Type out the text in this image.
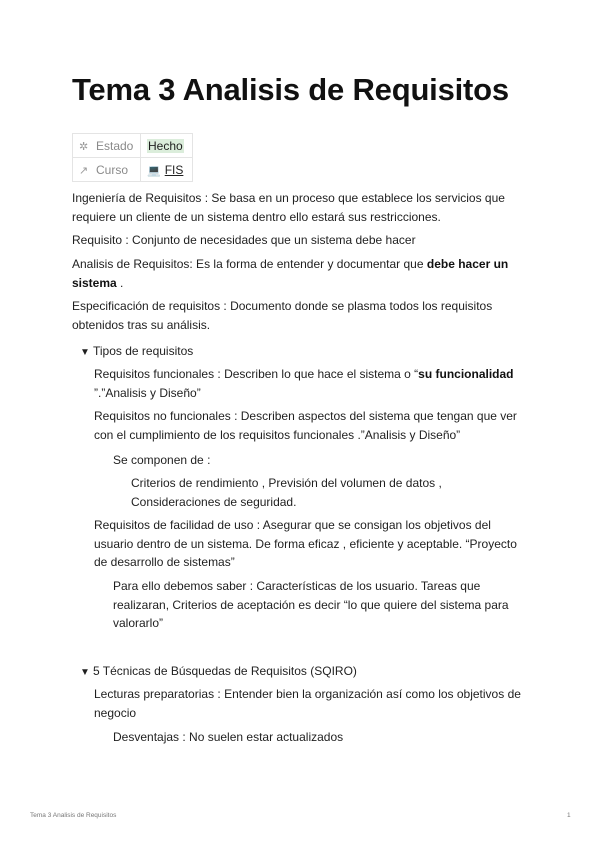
Tema 3 Analisis de Requisitos
✲ Estado	Hecho
↗ Curso	💻 FIS
Ingeniería de Requisitos : Se basa en un proceso que establece los servicios que
requiere un cliente de un sistema dentro ello estará sus restricciones.
Requisito : Conjunto de necesidades que un sistema debe hacer
Analisis de Requisitos: Es la forma de entender y documentar que debe hacer un
sistema .
Especificación de requisitos : Documento donde se plasma todos los requisitos
obtenidos tras su análisis.
▼ Tipos de requisitos
Requisitos funcionales : Describen lo que hace el sistema o “su funcionalidad
”.”Analisis y Diseño”
Requisitos no funcionales : Describen aspectos del sistema que tengan que ver
con el cumplimiento de los requisitos funcionales .”Analisis y Diseño”
Se componen de :
Criterios de rendimiento , Previsión del volumen de datos ,
Consideraciones de seguridad.
Requisitos de facilidad de uso : Asegurar que se consigan los objetivos del
usuario dentro de un sistema. De forma eficaz , eficiente y aceptable. “Proyecto
de desarrollo de sistemas”
Para ello debemos saber : Características de los usuario. Tareas que
realizaran, Criterios de aceptación es decir “lo que quiere del sistema para
valorarlo”
▼ 5 Técnicas de Búsquedas de Requisitos (SQIRO)
Lecturas preparatorias : Entender bien la organización así como los objetivos de
negocio
Desventajas : No suelen estar actualizados
Tema 3 Analisis de Requisitos	1
